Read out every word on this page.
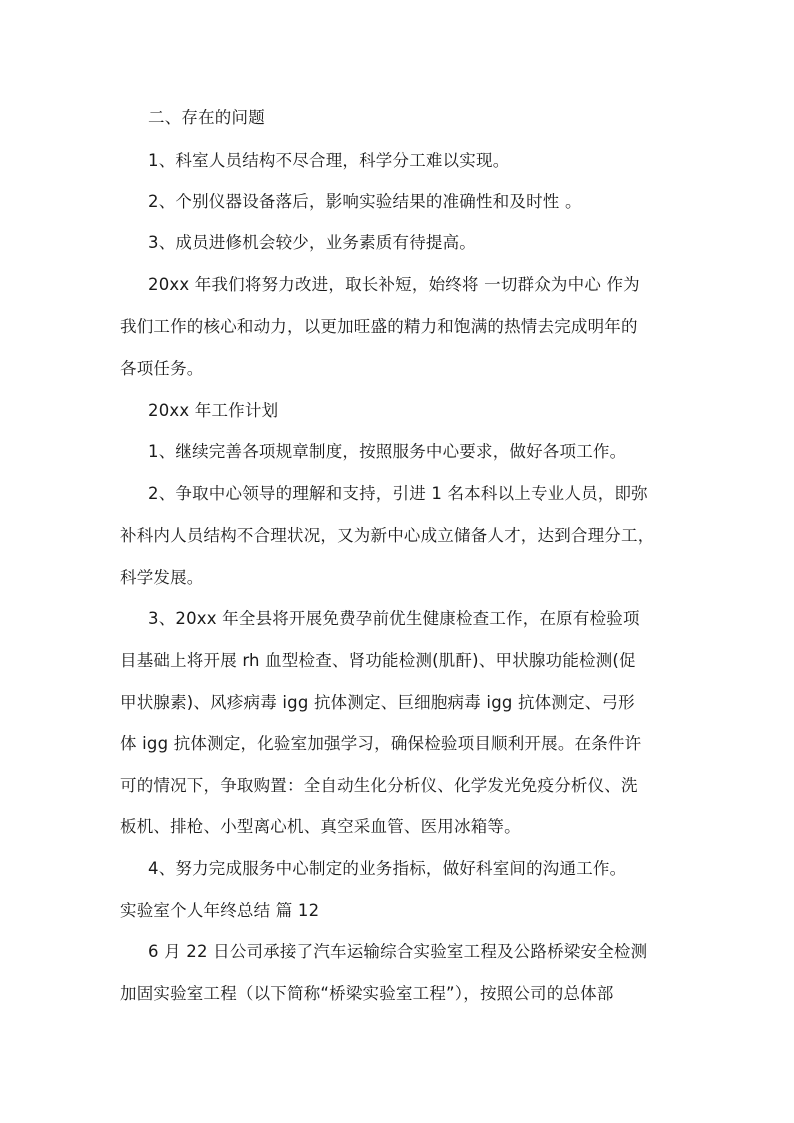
二、存在的问题
1、科室人员结构不尽合理，科学分工难以实现。
2、个别仪器设备落后，影响实验结果的准确性和及时性 。
3、成员进修机会较少，业务素质有待提高。
20xx 年我们将努力改进，取长补短，始终将 一切群众为中心 作为
我们工作的核心和动力，以更加旺盛的精力和饱满的热情去完成明年的
各项任务。
20xx 年工作计划
1、继续完善各项规章制度，按照服务中心要求，做好各项工作。
2、争取中心领导的理解和支持，引进 1 名本科以上专业人员，即弥
补科内人员结构不合理状况，又为新中心成立储备人才，达到合理分工，
科学发展。
3、20xx 年全县将开展免费孕前优生健康检查工作，在原有检验项
目基础上将开展 rh 血型检查、肾功能检测(肌酐)、甲状腺功能检测(促
甲状腺素)、风疹病毒 igg 抗体测定、巨细胞病毒 igg 抗体测定、弓形
体 igg 抗体测定，化验室加强学习，确保检验项目顺利开展。在条件许
可的情况下，争取购置：全自动生化分析仪、化学发光免疫分析仪、洗
板机、排枪、小型离心机、真空采血管、医用冰箱等。
4、努力完成服务中心制定的业务指标，做好科室间的沟通工作。
实验室个人年终总结 篇 12
6 月 22 日公司承接了汽车运输综合实验室工程及公路桥梁安全检测
加固实验室工程（以下简称“桥梁实验室工程”），按照公司的总体部
